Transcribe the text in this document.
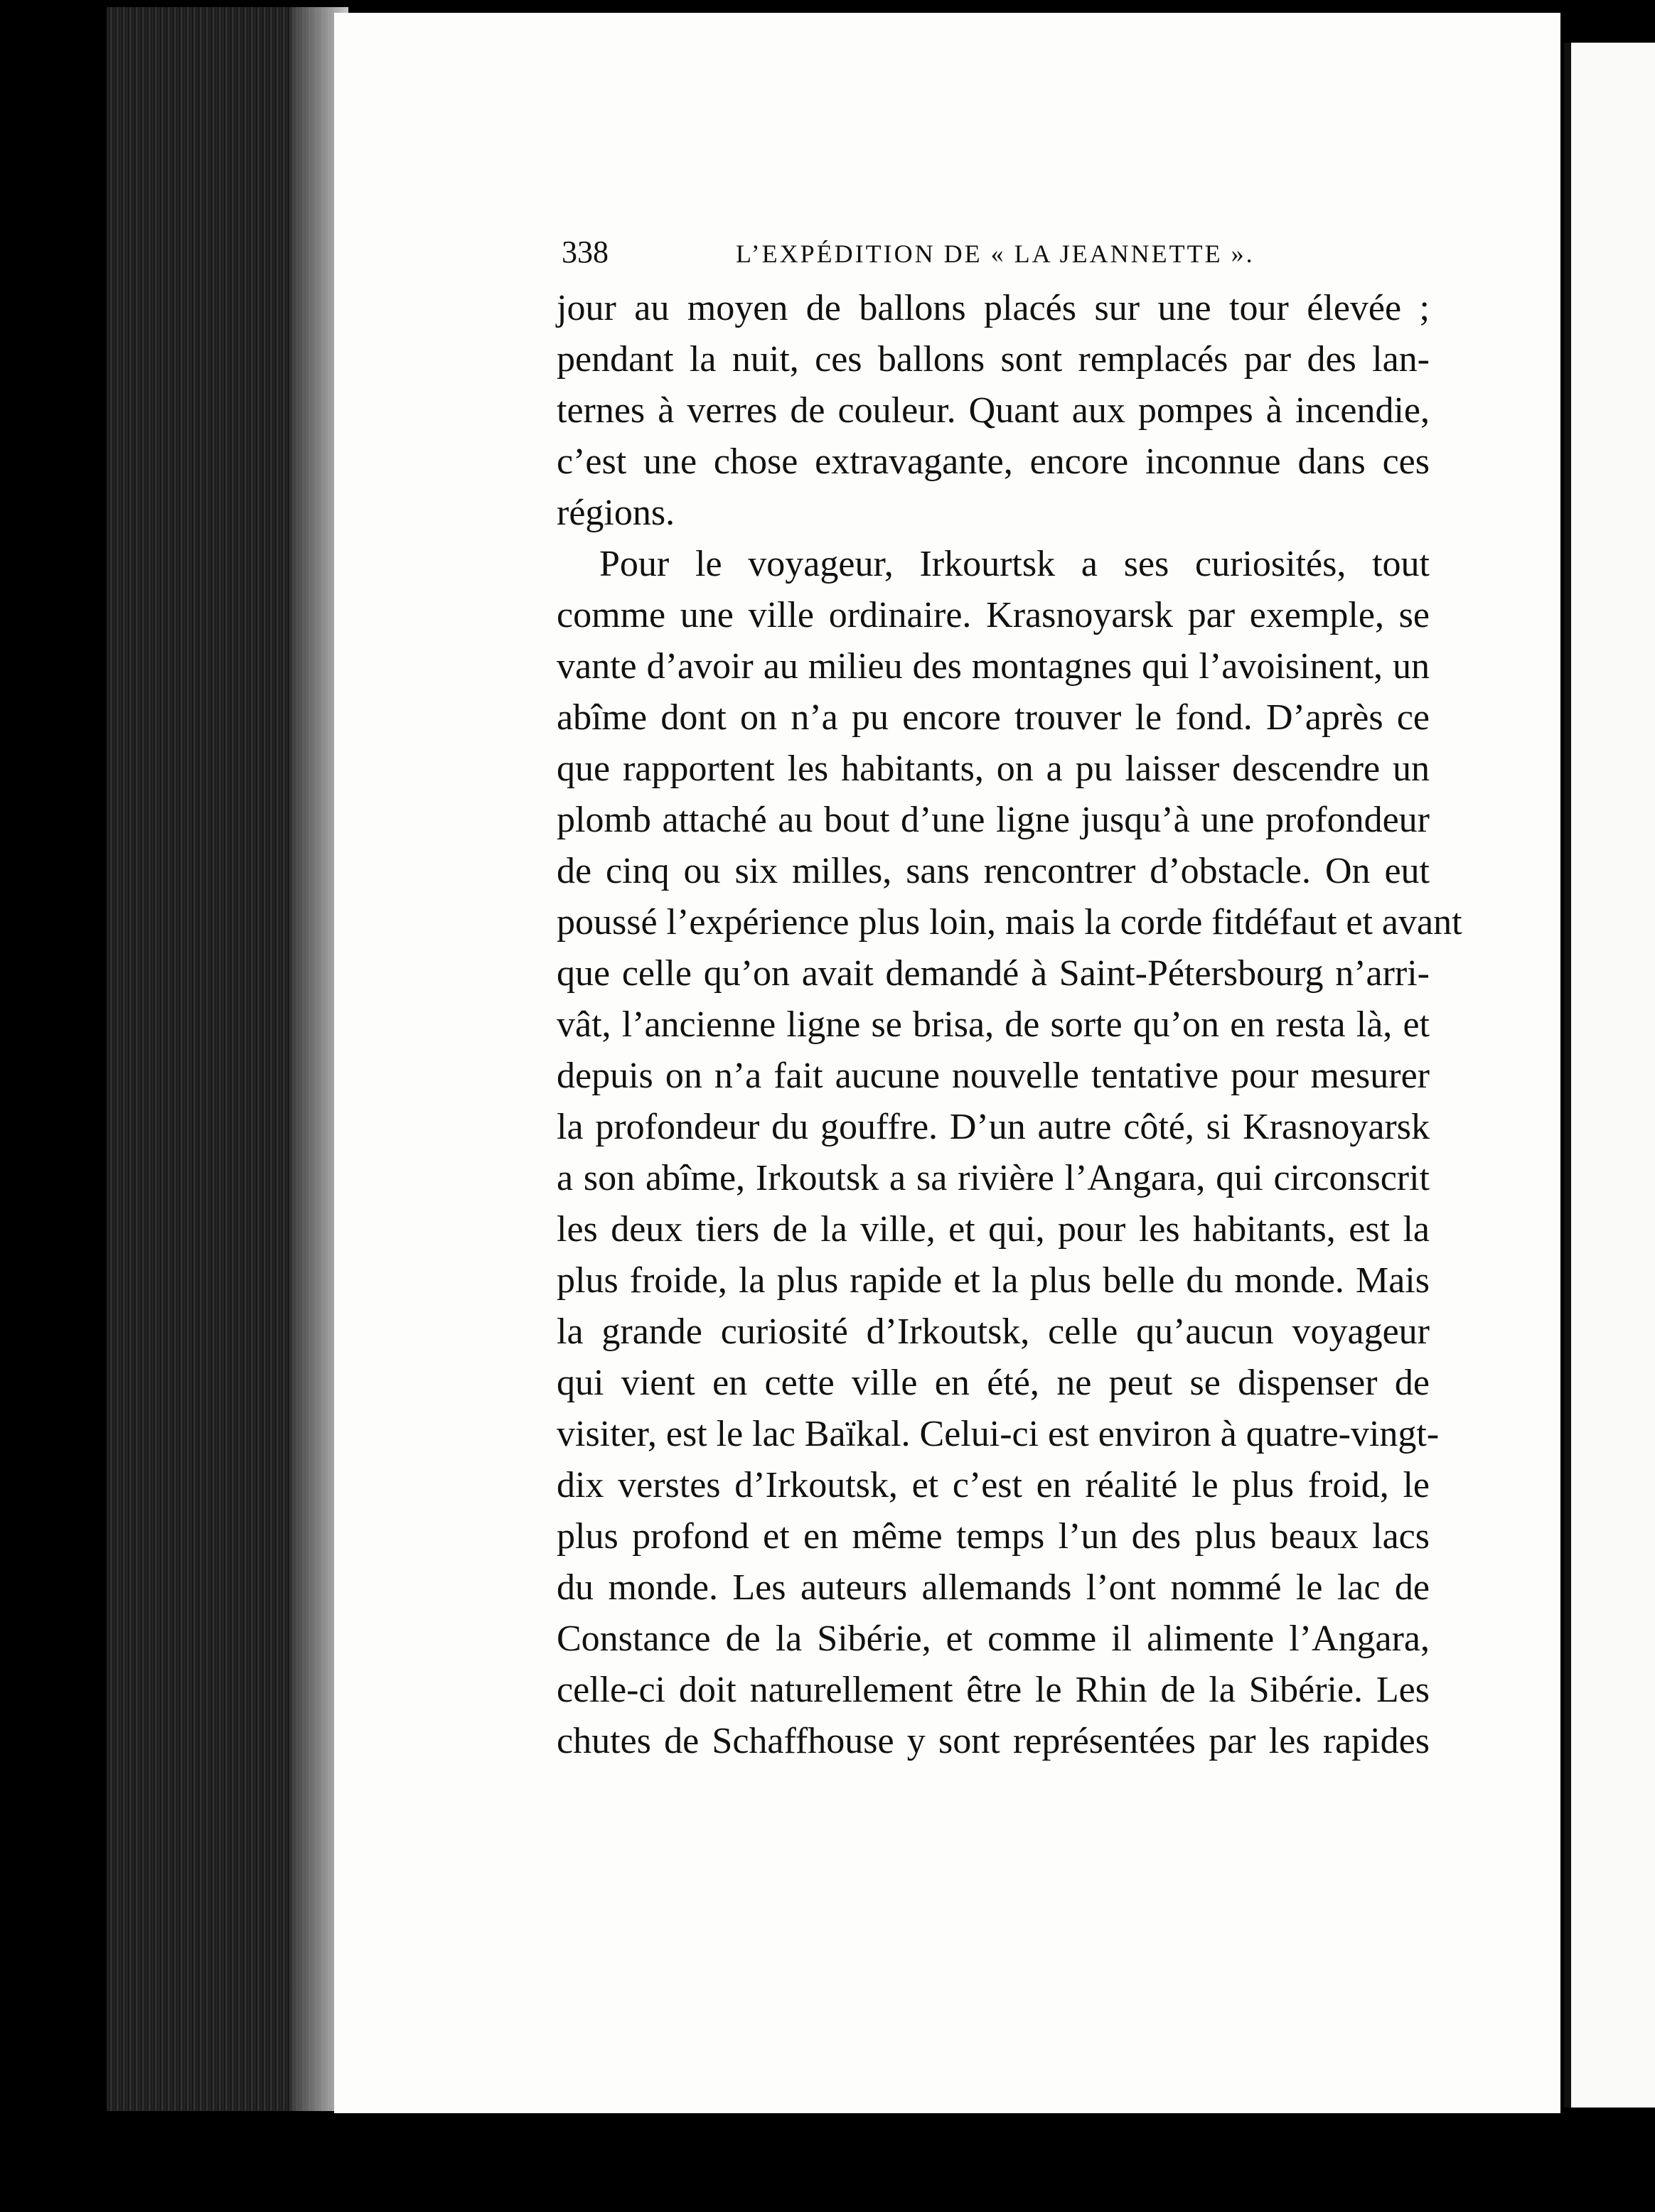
338	L’EXPÉDITION DE « LA JEANNETTE ».
jour au moyen de ballons placés sur une tour élevée ;
pendant la nuit, ces ballons sont remplacés par des lan-
ternes à verres de couleur. Quant aux pompes à incendie,
c’est une chose extravagante, encore inconnue dans ces
régions.
Pour le voyageur, Irkourtsk a ses curiosités, tout
comme une ville ordinaire. Krasnoyarsk par exemple, se
vante d’avoir au milieu des montagnes qui l’avoisinent, un
abîme dont on n’a pu encore trouver le fond. D’après ce
que rapportent les habitants, on a pu laisser descendre un
plomb attaché au bout d’une ligne jusqu’à une profondeur
de cinq ou six milles, sans rencontrer d’obstacle. On eut
poussé l’expérience plus loin, mais la corde fitdéfaut et avant
que celle qu’on avait demandé à Saint-Pétersbourg n’arri-
vât, l’ancienne ligne se brisa, de sorte qu’on en resta là, et
depuis on n’a fait aucune nouvelle tentative pour mesurer
la profondeur du gouffre. D’un autre côté, si Krasnoyarsk
a son abîme, Irkoutsk a sa rivière l’Angara, qui circonscrit
les deux tiers de la ville, et qui, pour les habitants, est la
plus froide, la plus rapide et la plus belle du monde. Mais
la grande curiosité d’Irkoutsk, celle qu’aucun voyageur
qui vient en cette ville en été, ne peut se dispenser de
visiter, est le lac Baïkal. Celui-ci est environ à quatre-vingt-
dix verstes d’Irkoutsk, et c’est en réalité le plus froid, le
plus profond et en même temps l’un des plus beaux lacs
du monde. Les auteurs allemands l’ont nommé le lac de
Constance de la Sibérie, et comme il alimente l’Angara,
celle-ci doit naturellement être le Rhin de la Sibérie. Les
chutes de Schaffhouse y sont représentées par les rapides
